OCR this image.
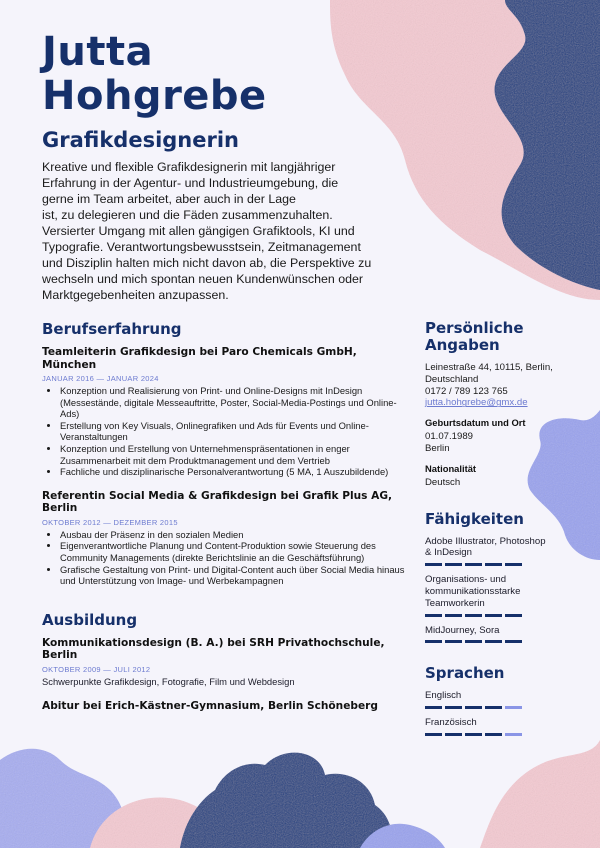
Jutta
Hohgrebe

Grafikdesignerin

Kreative und flexible Grafikdesignerin mit langjähriger
Erfahrung in der Agentur- und Industrieumgebung, die
gerne im Team arbeitet, aber auch in der Lage
ist, zu delegieren und die Fäden zusammenzuhalten.
Versierter Umgang mit allen gängigen Grafiktools, KI und
Typografie. Verantwortungsbewusstsein, Zeitmanagement
und Disziplin halten mich nicht davon ab, die Perspektive zu
wechseln und mich spontan neuen Kundenwünschen oder
Marktgegebenheiten anzupassen.
Berufserfahrung

Teamleiterin Grafikdesign bei Paro Chemicals GmbH, München

JANUAR 2016 — JANUAR 2024
• Konzeption und Realisierung von Print- und Online-Designs mit InDesign (Messestände, digitale Messeauftritte, Poster, Social-Media-Postings und Online-Ads)
• Erstellung von Key Visuals, Onlinegrafiken und Ads für Events und Online-Veranstaltungen
• Konzeption und Erstellung von Unternehmenspräsentationen in enger Zusammenarbeit mit dem Produktmanagement und dem Vertrieb
• Fachliche und disziplinarische Personalverantwortung (5 MA, 1 Auszubildende)

Referentin Social Media & Grafikdesign bei Grafik Plus AG, Berlin

OKTOBER 2012 — DEZEMBER 2015
• Ausbau der Präsenz in den sozialen Medien
• Eigenverantwortliche Planung und Content-Produktion sowie Steuerung des Community Managements (direkte Berichtslinie an die Geschäftsführung)
• Grafische Gestaltung von Print- und Digital-Content auch über Social Media hinaus und Unterstützung von Image- und Werbekampagnen
Ausbildung

Kommunikationsdesign (B. A.) bei SRH Privathochschule, Berlin

OKTOBER 2009 — JULI 2012

Schwerpunkte Grafikdesign, Fotografie, Film und Webdesign

Abitur bei Erich-Kästner-Gymnasium, Berlin Schöneberg

Persönliche
Angaben

Leinestraße 44, 10115, Berlin,
Deutschland
0172 / 789 123 765
jutta.hohgrebe@gmx.de

Geburtsdatum und Ort

01.07.1989
Berlin

Nationalität

Deutsch

Fähigkeiten
Adobe Illustrator, Photoshop
& InDesign
Organisations- und
kommunikationsstarke
Teamworkerin
MidJourney, Sora
Sprachen
Englisch
Französisch
